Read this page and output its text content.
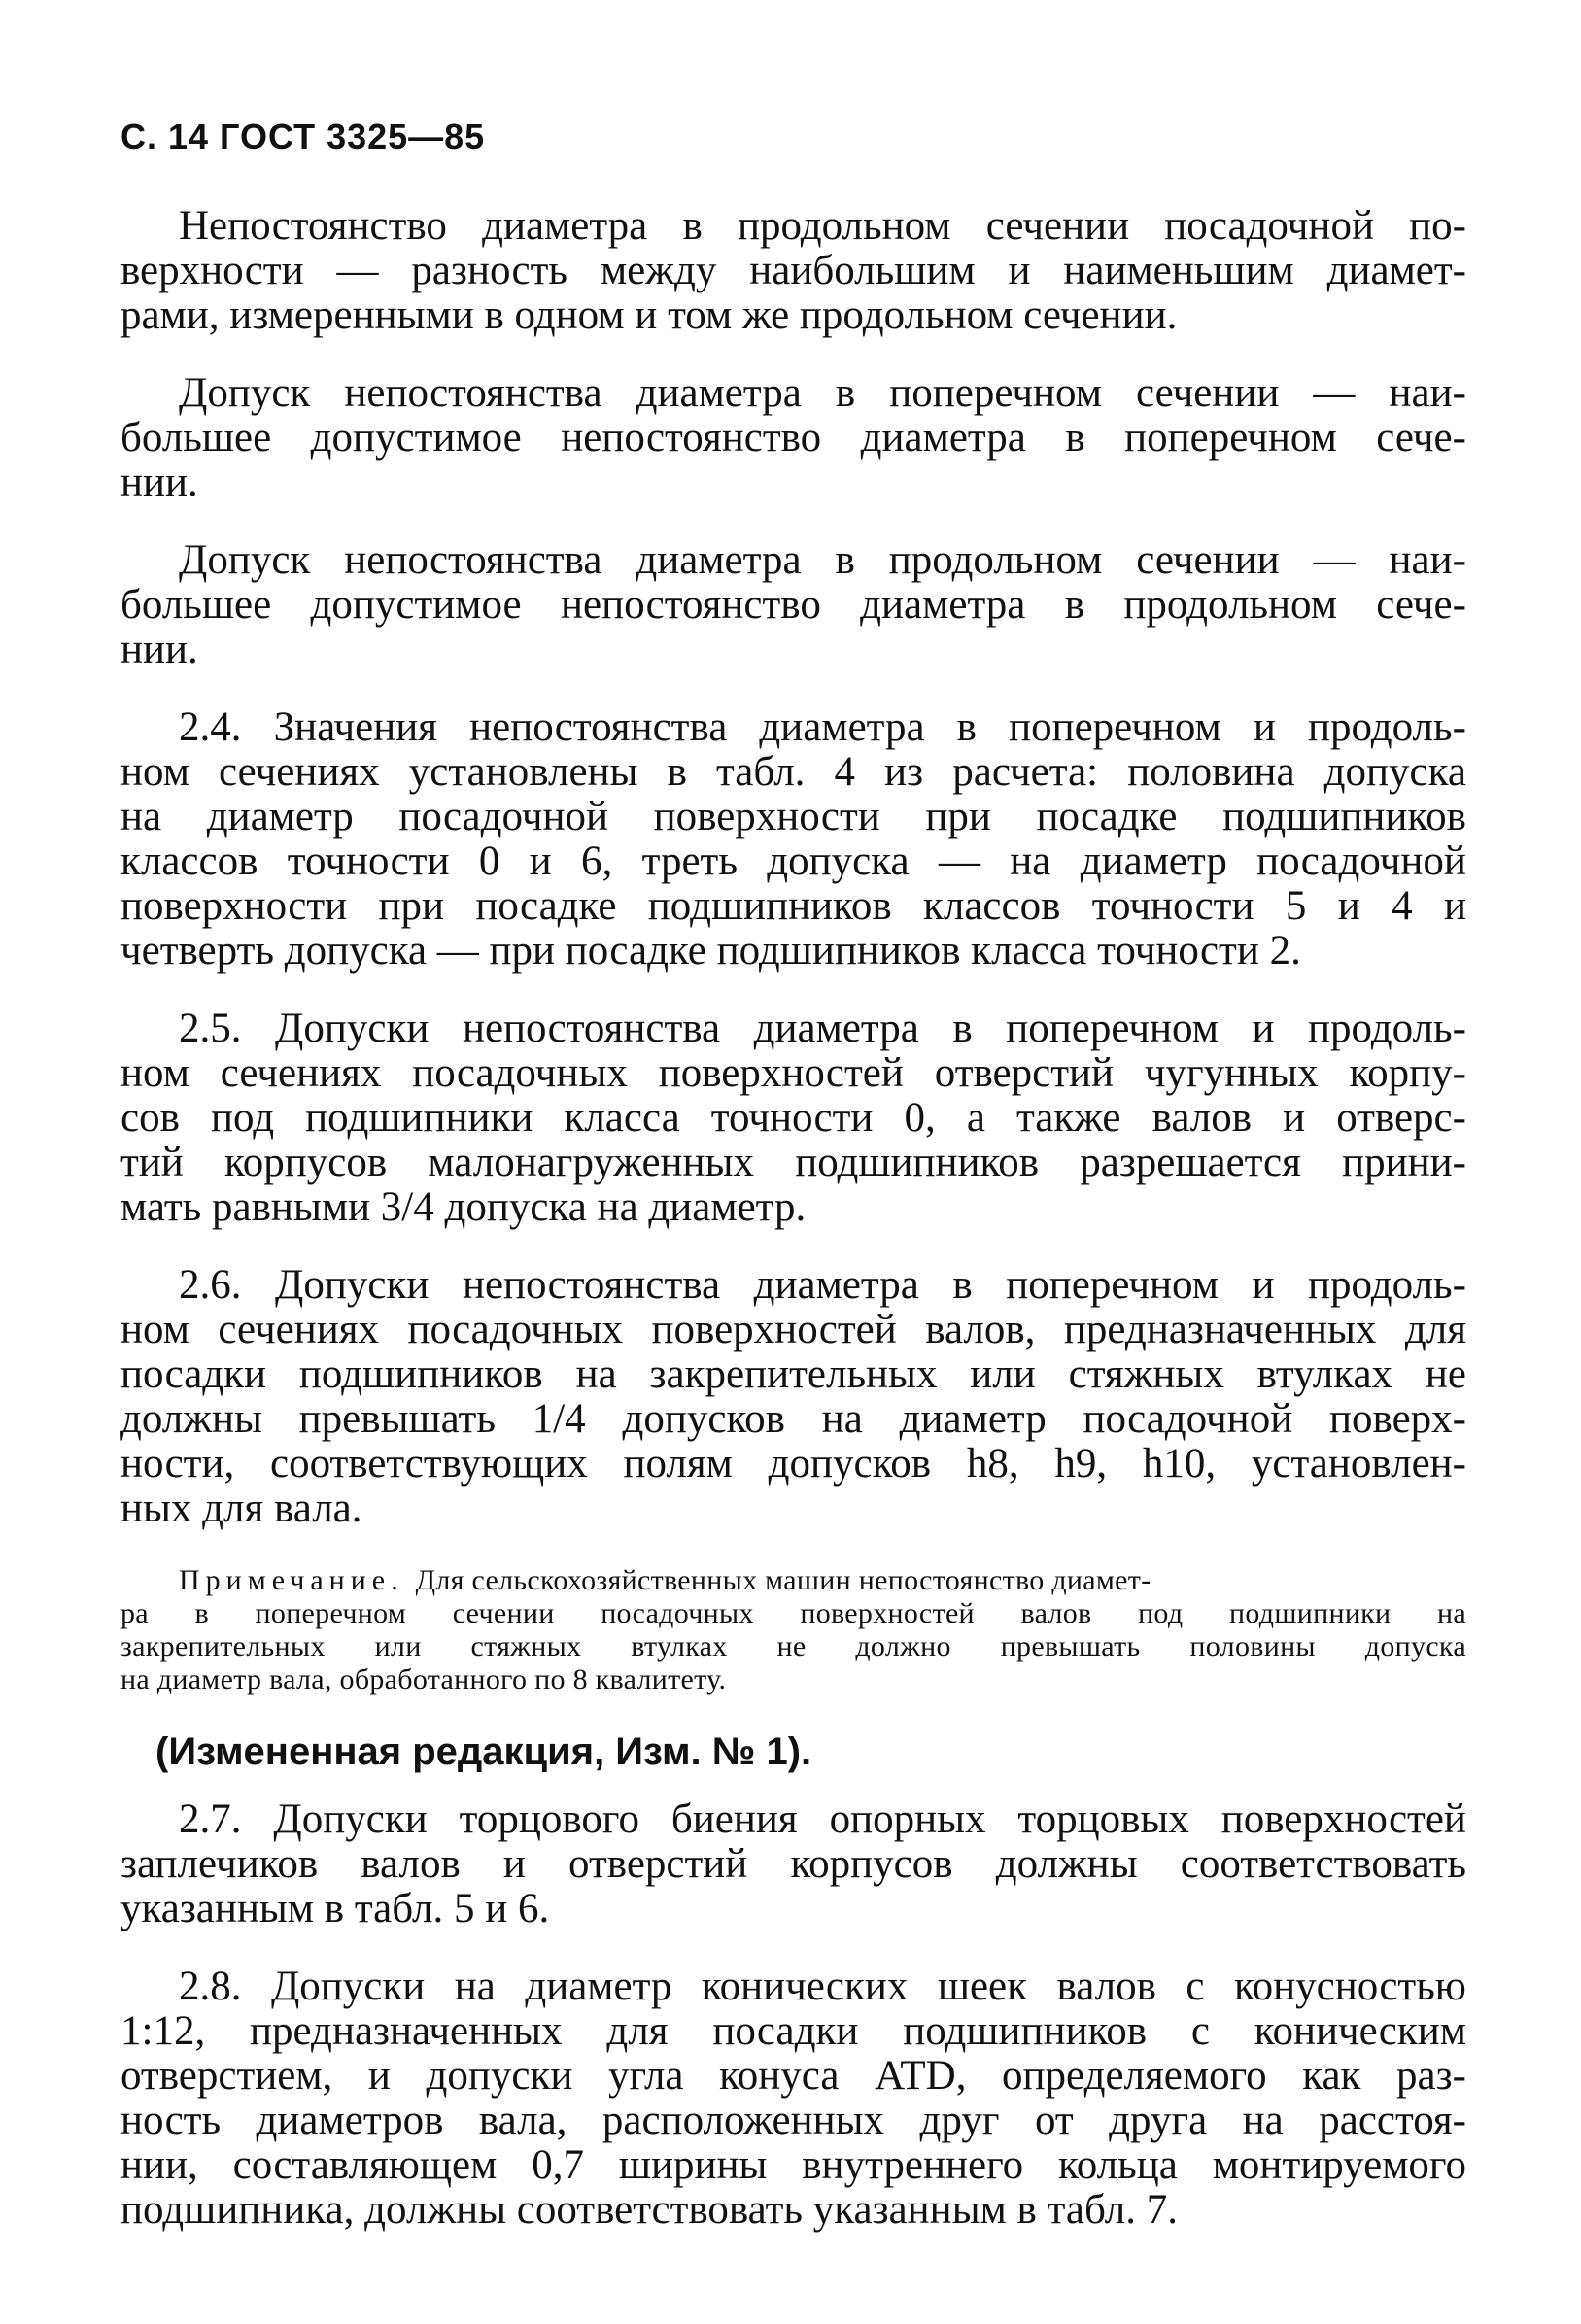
С. 14 ГОСТ 3325—85
Непостоянство диаметра в продольном сечении посадочной по-
верхности — разность между наибольшим и наименьшим диамет-
рами, измеренными в одном и том же продольном сечении.
Допуск непостоянства диаметра в поперечном сечении — наи-
большее допустимое непостоянство диаметра в поперечном сече-
нии.
Допуск непостоянства диаметра в продольном сечении — наи-
большее допустимое непостоянство диаметра в продольном сече-
нии.
2.4. Значения непостоянства диаметра в поперечном и продоль-
ном сечениях установлены в табл. 4 из расчета: половина допуска
на диаметр посадочной поверхности при посадке подшипников
классов точности 0 и 6, треть допуска — на диаметр посадочной
поверхности при посадке подшипников классов точности 5 и 4 и
четверть допуска — при посадке подшипников класса точности 2.
2.5. Допуски непостоянства диаметра в поперечном и продоль-
ном сечениях посадочных поверхностей отверстий чугунных корпу-
сов под подшипники класса точности 0, а также валов и отверс-
тий корпусов малонагруженных подшипников разрешается прини-
мать равными 3/4 допуска на диаметр.
2.6. Допуски непостоянства диаметра в поперечном и продоль-
ном сечениях посадочных поверхностей валов, предназначенных для
посадки подшипников на закрепительных или стяжных втулках не
должны превышать 1/4 допусков на диаметр посадочной поверх-
ности, соответствующих полям допусков h8, h9, h10, установлен-
ных для вала.
Примечание. Для сельскохозяйственных машин непостоянство диамет-
ра в поперечном сечении посадочных поверхностей валов под подшипники на
закрепительных или стяжных втулках не должно превышать половины допуска
на диаметр вала, обработанного по 8 квалитету.
(Измененная редакция, Изм. № 1).
2.7. Допуски торцового биения опорных торцовых поверхностей
заплечиков валов и отверстий корпусов должны соответствовать
указанным в табл. 5 и 6.
2.8. Допуски на диаметр конических шеек валов с конусностью
1:12, предназначенных для посадки подшипников с коническим
отверстием, и допуски угла конуса ATD, определяемого как раз-
ность диаметров вала, расположенных друг от друга на расстоя-
нии, составляющем 0,7 ширины внутреннего кольца монтируемого
подшипника, должны соответствовать указанным в табл. 7.
